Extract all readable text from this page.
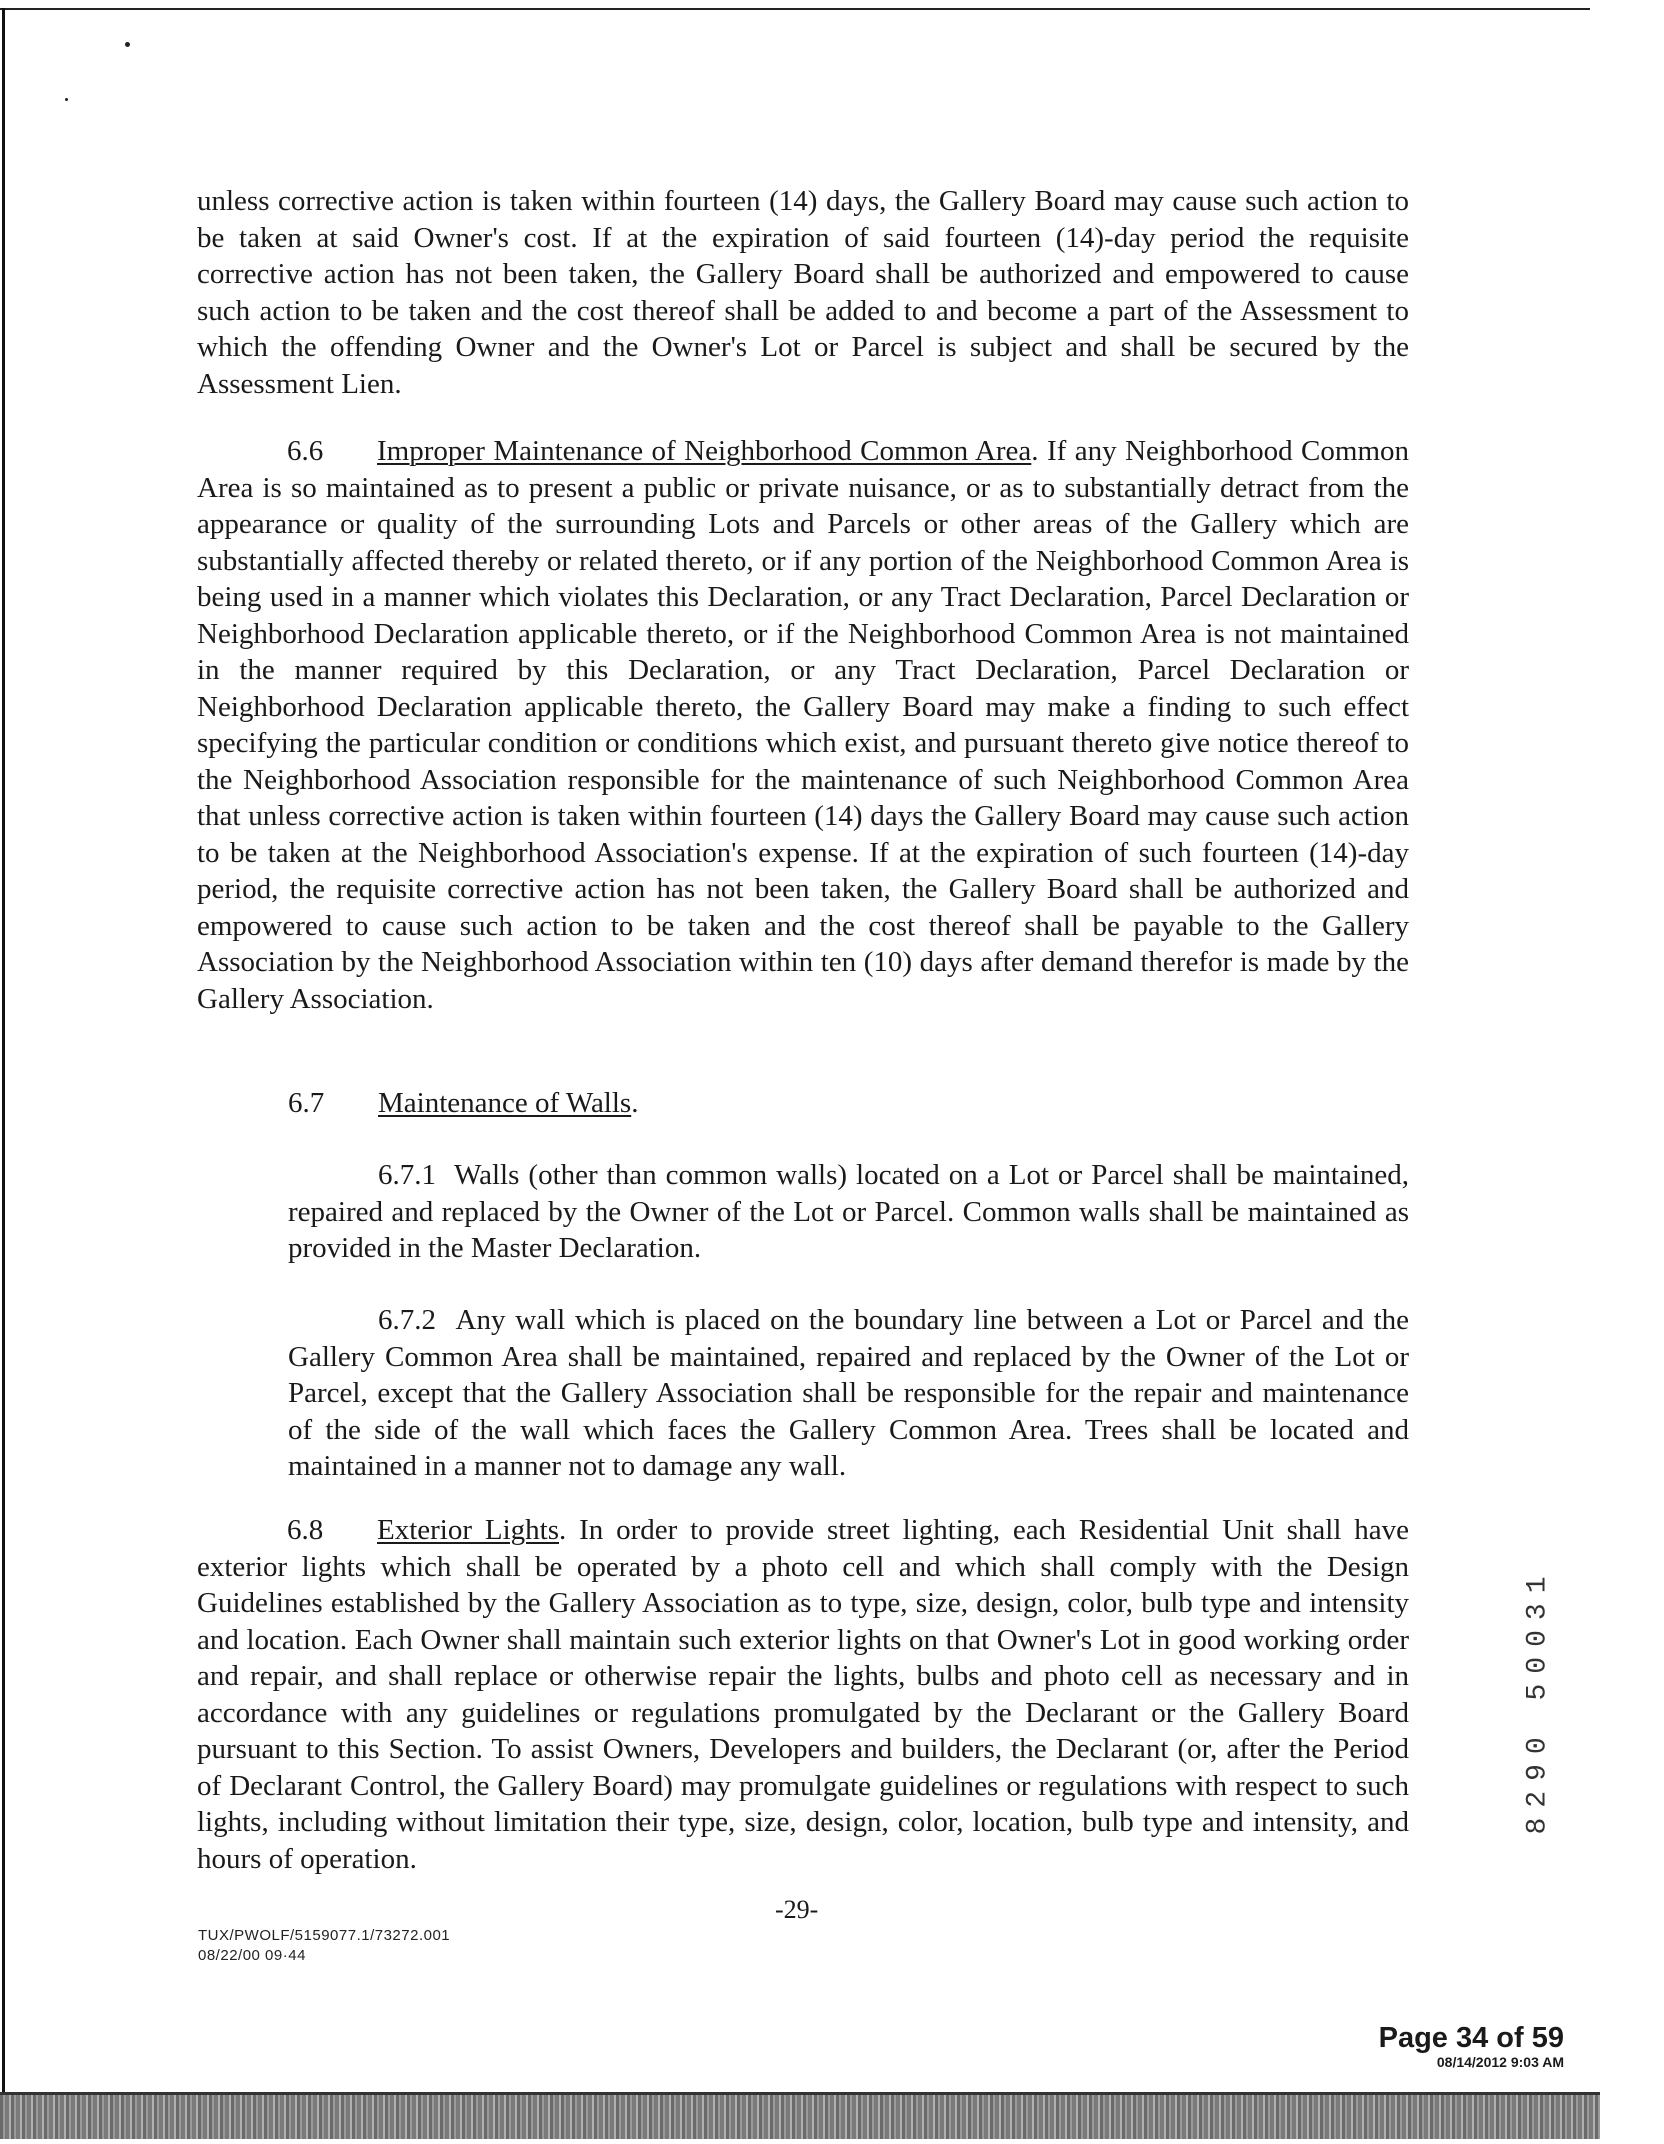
unless corrective action is taken within fourteen (14) days, the Gallery Board may cause such action to be taken at said Owner's cost. If at the expiration of said fourteen (14)-day period the requisite corrective action has not been taken, the Gallery Board shall be authorized and empowered to cause such action to be taken and the cost thereof shall be added to and become a part of the Assessment to which the offending Owner and the Owner's Lot or Parcel is subject and shall be secured by the Assessment Lien.

6.6 Improper Maintenance of Neighborhood Common Area. If any Neighborhood Common Area is so maintained as to present a public or private nuisance, or as to substantially detract from the appearance or quality of the surrounding Lots and Parcels or other areas of the Gallery which are substantially affected thereby or related thereto, or if any portion of the Neighborhood Common Area is being used in a manner which violates this Declaration, or any Tract Declaration, Parcel Declaration or Neighborhood Declaration applicable thereto, or if the Neighborhood Common Area is not maintained in the manner required by this Declaration, or any Tract Declaration, Parcel Declaration or Neighborhood Declaration applicable thereto, the Gallery Board may make a finding to such effect specifying the particular condition or conditions which exist, and pursuant thereto give notice thereof to the Neighborhood Association responsible for the maintenance of such Neighborhood Common Area that unless corrective action is taken within fourteen (14) days the Gallery Board may cause such action to be taken at the Neighborhood Association's expense. If at the expiration of such fourteen (14)-day period, the requisite corrective action has not been taken, the Gallery Board shall be authorized and empowered to cause such action to be taken and the cost thereof shall be payable to the Gallery Association by the Neighborhood Association within ten (10) days after demand therefor is made by the Gallery Association.

6.7 Maintenance of Walls.

6.7.1 Walls (other than common walls) located on a Lot or Parcel shall be maintained, repaired and replaced by the Owner of the Lot or Parcel. Common walls shall be maintained as provided in the Master Declaration.

6.7.2 Any wall which is placed on the boundary line between a Lot or Parcel and the Gallery Common Area shall be maintained, repaired and replaced by the Owner of the Lot or Parcel, except that the Gallery Association shall be responsible for the repair and maintenance of the side of the wall which faces the Gallery Common Area. Trees shall be located and maintained in a manner not to damage any wall.

6.8 Exterior Lights. In order to provide street lighting, each Residential Unit shall have exterior lights which shall be operated by a photo cell and which shall comply with the Design Guidelines established by the Gallery Association as to type, size, design, color, bulb type and intensity and location. Each Owner shall maintain such exterior lights on that Owner's Lot in good working order and repair, and shall replace or otherwise repair the lights, bulbs and photo cell as necessary and in accordance with any guidelines or regulations promulgated by the Declarant or the Gallery Board pursuant to this Section. To assist Owners, Developers and builders, the Declarant (or, after the Period of Declarant Control, the Gallery Board) may promulgate guidelines or regulations with respect to such lights, including without limitation their type, size, design, color, location, bulb type and intensity, and hours of operation.

8290 50031
-29-
TUX/PWOLF/5159077.1/73272.001
08/22/00 09·44
Page 34 of 59
08/14/2012 9:03 AM
